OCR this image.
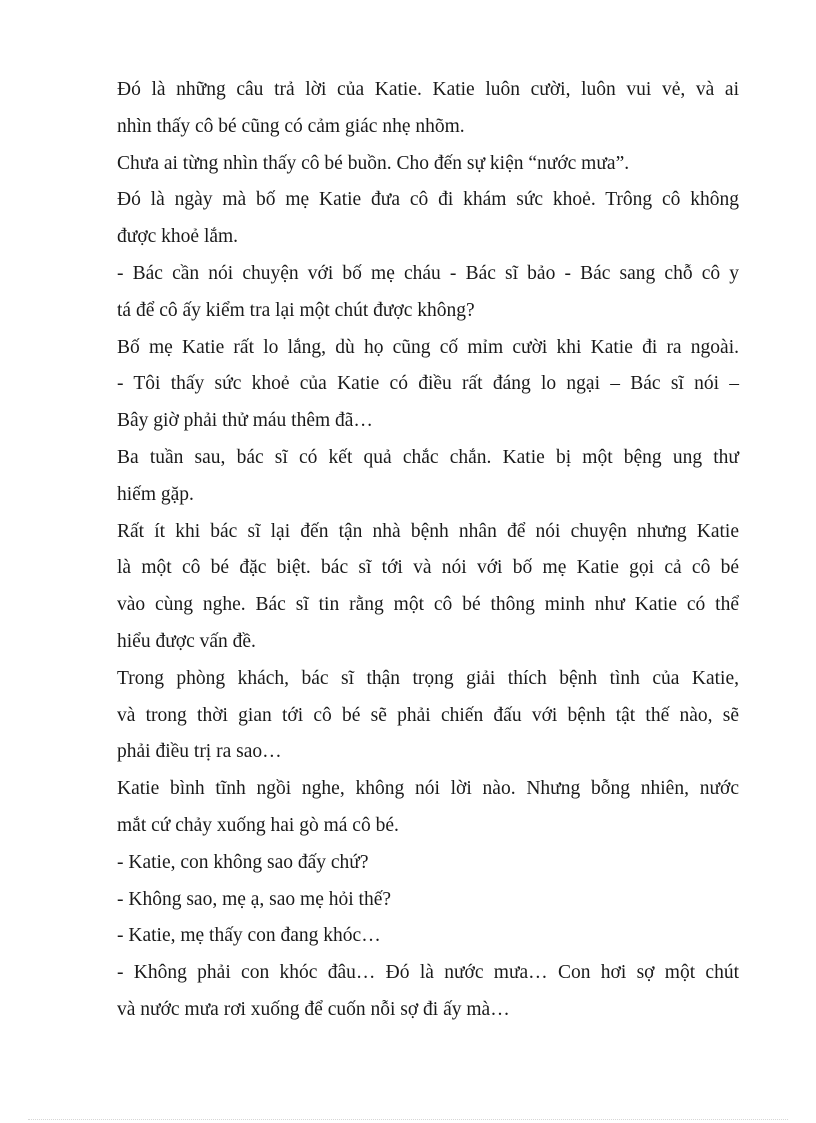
Đó là những câu trả lời của Katie. Katie luôn cười, luôn vui vẻ, và ai
nhìn thấy cô bé cũng có cảm giác nhẹ nhõm.
Chưa ai từng nhìn thấy cô bé buồn. Cho đến sự kiện “nước mưa”.
Đó là ngày mà bố mẹ Katie đưa cô đi khám sức khoẻ. Trông cô không
được khoẻ lắm.
- Bác cần nói chuyện với bố mẹ cháu - Bác sĩ bảo - Bác sang chỗ cô y
tá để cô ấy kiểm tra lại một chút được không?
Bố mẹ Katie rất lo lắng, dù họ cũng cố mỉm cười khi Katie đi ra ngoài.
- Tôi thấy sức khoẻ của Katie có điều rất đáng lo ngại – Bác sĩ nói –
Bây giờ phải thử máu thêm đã…
Ba tuần sau, bác sĩ có kết quả chắc chắn. Katie bị một bệng ung thư
hiếm gặp.
Rất ít khi bác sĩ lại đến tận nhà bệnh nhân để nói chuyện nhưng Katie
là một cô bé đặc biệt. bác sĩ tới và nói với bố mẹ Katie gọi cả cô bé
vào cùng nghe. Bác sĩ tin rằng một cô bé thông minh như Katie có thể
hiểu được vấn đề.
Trong phòng khách, bác sĩ thận trọng giải thích bệnh tình của Katie,
và trong thời gian tới cô bé sẽ phải chiến đấu với bệnh tật thế nào, sẽ
phải điều trị ra sao…
Katie bình tĩnh ngồi nghe, không nói lời nào. Nhưng bỗng nhiên, nước
mắt cứ chảy xuống hai gò má cô bé.
- Katie, con không sao đấy chứ?
- Không sao, mẹ ạ, sao mẹ hỏi thế?
- Katie, mẹ thấy con đang khóc…
- Không phải con khóc đâu… Đó là nước mưa… Con hơi sợ một chút
và nước mưa rơi xuống để cuốn nỗi sợ đi ấy mà…
